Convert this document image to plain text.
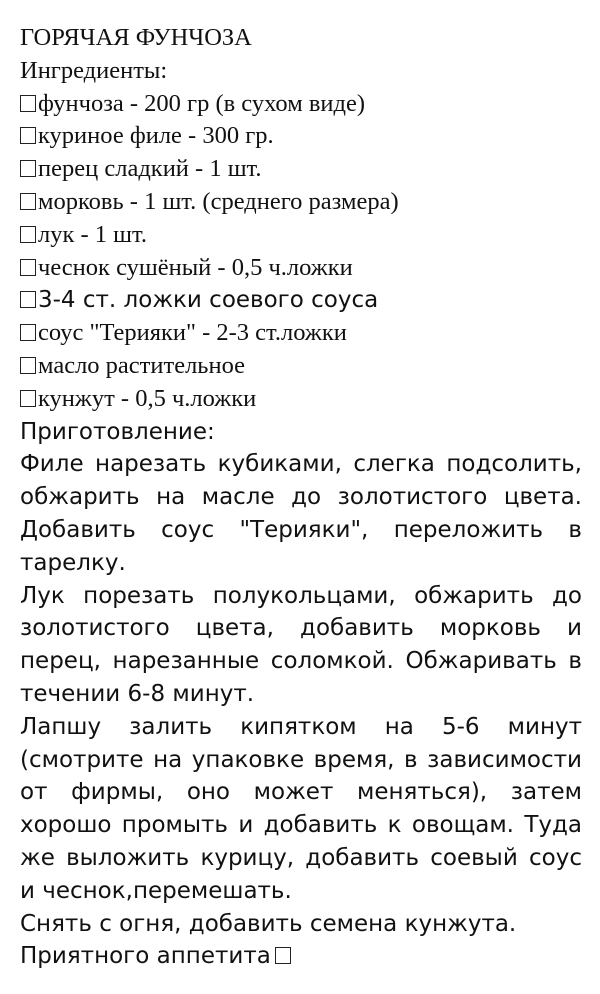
ГОРЯЧАЯ ФУНЧОЗА
Ингредиенты:
фунчоза - 200 гр (в сухом виде)
куриное филе - 300 гр.
перец сладкий - 1 шт.
морковь - 1 шт. (среднего размера)
лук - 1 шт.
чеснок сушёный - 0,5 ч.ложки
3-4 ст. ложки соевого соуса
соус "Терияки" - 2-3 ст.ложки
масло растительное
кунжут - 0,5 ч.ложки
Приготовление:

Филе нарезать кубиками, слегка подсолить, обжарить на масле до золотистого цвета. Добавить соус "Терияки", переложить в тарелку.

Лук порезать полукольцами, обжарить до золотистого цвета, добавить морковь и перец, нарезанные соломкой. Обжаривать в течении 6-8 минут.

Лапшу залить кипятком на 5-6 минут (смотрите на упаковке время, в зависимости от фирмы, оно может меняться), затем хорошо промыть и добавить к овощам. Туда же выложить курицу, добавить соевый соус и чеснок,перемешать.

Снять с огня, добавить семена кунжута.

Приятного аппетита
